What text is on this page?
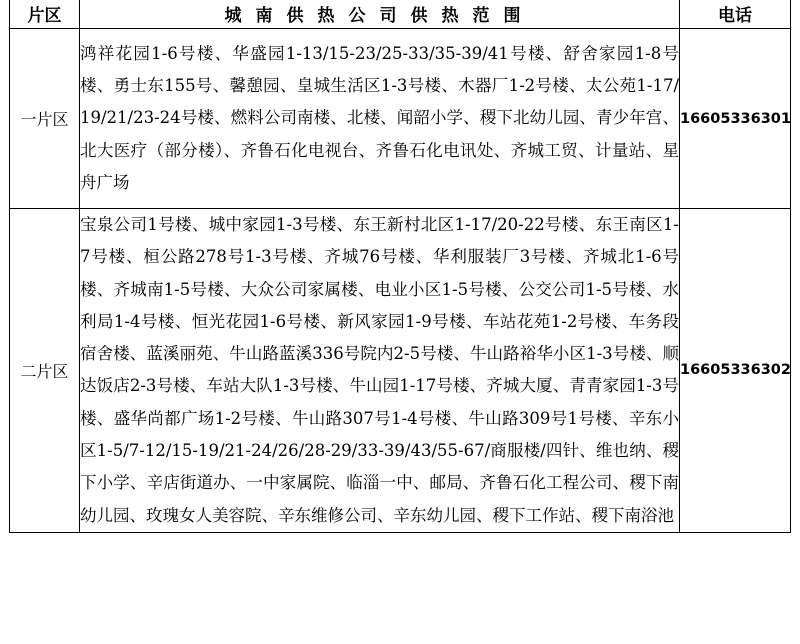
片区	城南供热公司供热范围	电话
一片区	鸿祥花园1-6号楼、华盛园1-13/15-23/25-33/35-39/41号楼、舒舍家园1-8号楼、勇士东155号、馨憩园、皇城生活区1-3号楼、木器厂1-2号楼、太公苑1-17/19/21/23-24号楼、燃料公司南楼、北楼、闻韶小学、稷下北幼儿园、青少年宫、北大医疗（部分楼）、齐鲁石化电视台、齐鲁石化电讯处、齐城工贸、计量站、星舟广场	16605336301
二片区	宝泉公司1号楼、城中家园1-3号楼、东王新村北区1-17/20-22号楼、东王南区1-7号楼、桓公路278号1-3号楼、齐城76号楼、华利服装厂3号楼、齐城北1-6号楼、齐城南1-5号楼、大众公司家属楼、电业小区1-5号楼、公交公司1-5号楼、水利局1-4号楼、恒光花园1-6号楼、新风家园1-9号楼、车站花苑1-2号楼、车务段宿舍楼、蓝溪丽苑、牛山路蓝溪336号院内2-5号楼、牛山路裕华小区1-3号楼、顺达饭店2-3号楼、车站大队1-3号楼、牛山园1-17号楼、齐城大厦、青青家园1-3号楼、盛华尚都广场1-2号楼、牛山路307号1-4号楼、牛山路309号1号楼、辛东小区1-5/7-12/15-19/21-24/26/28-29/33-39/43/55-67/商服楼/四针、维也纳、稷下小学、辛店街道办、一中家属院、临淄一中、邮局、齐鲁石化工程公司、稷下南幼儿园、玫瑰女人美容院、辛东维修公司、辛东幼儿园、稷下工作站、稷下南浴池	16605336302
